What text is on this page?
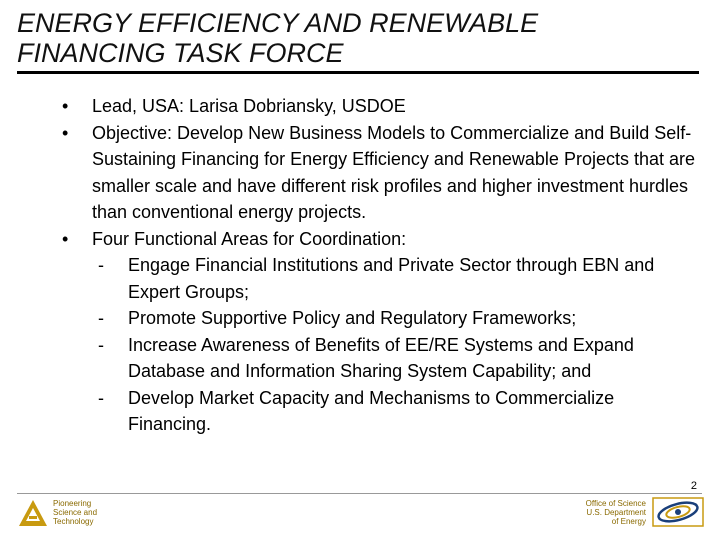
ENERGY EFFICIENCY AND RENEWABLE
FINANCING TASK FORCE
• Lead, USA: Larisa Dobriansky, USDOE
• Objective: Develop New Business Models to Commercialize and Build Self-Sustaining Financing for Energy Efficiency and Renewable Projects that are smaller scale and have different risk profiles and higher investment hurdles than conventional energy projects.
• Four Functional Areas for Coordination:
- Engage Financial Institutions and Private Sector through EBN and Expert Groups;
- Promote Supportive Policy and Regulatory Frameworks;
- Increase Awareness of Benefits of EE/RE Systems and Expand Database and Information Sharing System Capability; and
- Develop Market Capacity and Mechanisms to Commercialize Financing.
2
Pioneering
Science and
Technology
Office of Science
U.S. Department
of Energy
